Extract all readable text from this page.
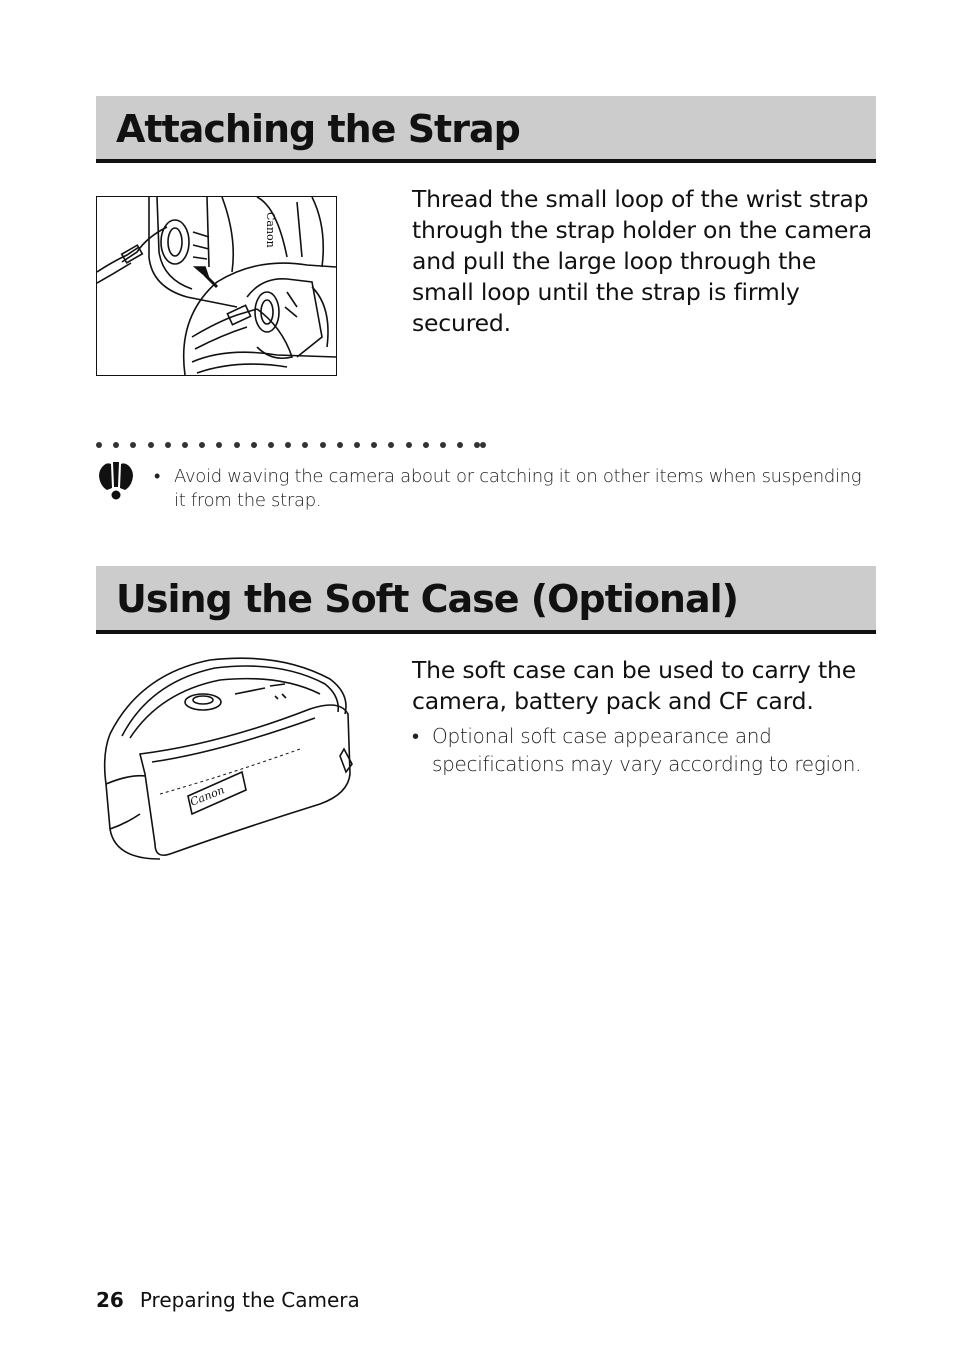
Attaching the Strap
Canon
Thread the small loop of the wrist strap through the strap holder on the camera and pull the large loop through the small loop until the strap is firmly secured.
• Avoid waving the camera about or catching it on other items when suspending it from the strap.
Using the Soft Case (Optional)
Canon
The soft case can be used to carry the camera, battery pack and CF card.
• Optional soft case appearance and specifications may vary according to region.
26 Preparing the Camera
